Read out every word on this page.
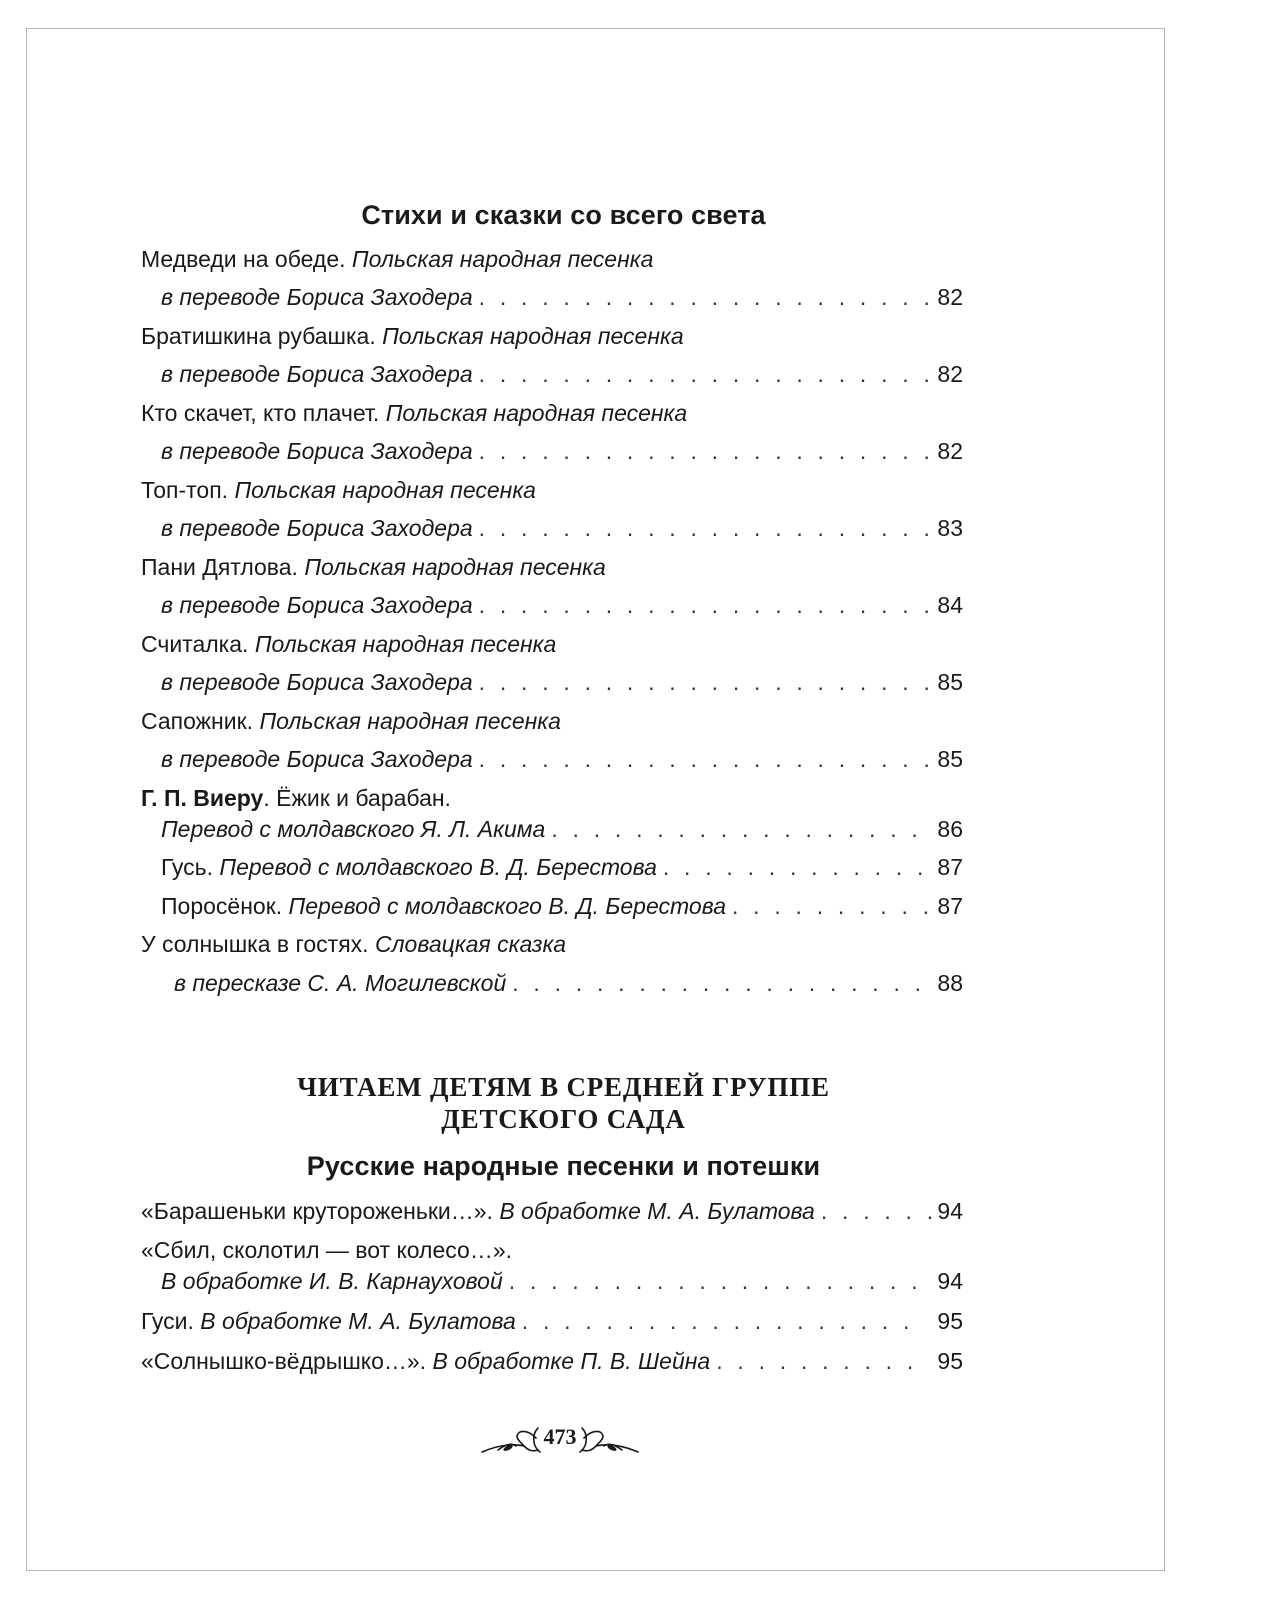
Стихи и сказки со всего света
Медведи на обеде.
Польская народная песенка
в переводе Бориса Заходера . . .	82
Братишкина рубашка.
Польская народная песенка
в переводе Бориса Заходера . . .	82
Кто скачет, кто плачет.
Польская народная песенка
в переводе Бориса Заходера . . .	82
Топ-топ.
Польская народная песенка
в переводе Бориса Заходера . . .	83
Пани Дятлова.
Польская народная песенка
в переводе Бориса Заходера . . .	84
Считалка.
Польская народная песенка
в переводе Бориса Заходера . . .	85
Сапожник.
Польская народная песенка
в переводе Бориса Заходера . . .	85
Г. П. Виеру . Ёжик и барабан.
Перевод с молдавского Я. Л. Акима . . .	86
Гусь.
Перевод с молдавского В. Д. Берестова . . .	87
Поросёнок.
Перевод с молдавского В. Д. Берестова . . .	87
У солнышка в гостях.
Словацкая сказка
в пересказе С. А. Могилевской . . .	88
ЧИТАЕМ ДЕТЯМ В СРЕДНЕЙ ГРУППЕ
ДЕТСКОГО САДА
Русские народные песенки и потешки
«Барашеньки крутороженьки…».
В обработке М. А. Булатова . . .	94
«Сбил, сколотил — вот колесо…».
В обработке И. В. Карнауховой . . .	94
Гуси.
В обработке М. А. Булатова . . .	95
«Солнышко-вёдрышко…».
В обработке П. В. Шейна . . .	95
473
